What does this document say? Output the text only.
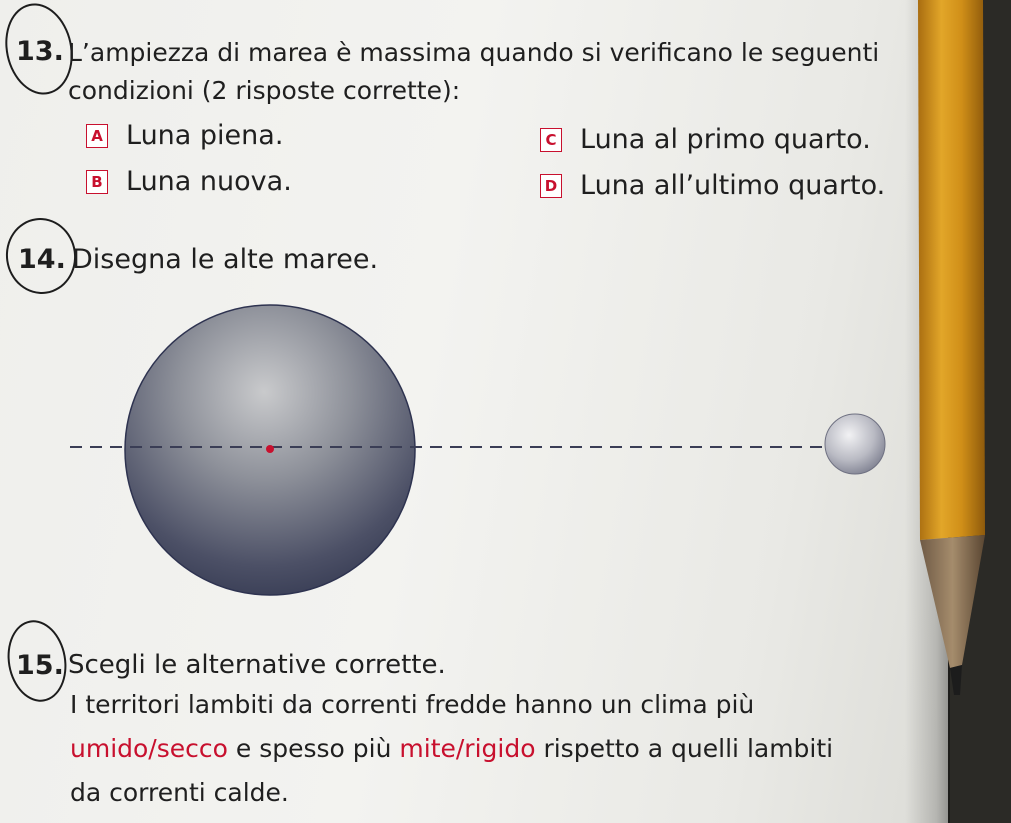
13. L’ampiezza di marea è massima quando si verificano le seguenti
condizioni (2 risposte corrette):
A Luna piena.
B Luna nuova.
C Luna al primo quarto.
D Luna all’ultimo quarto.
14. Disegna le alte maree.
15. Scegli le alternative corrette.
I territori lambiti da correnti fredde hanno un clima più
umido/secco e spesso più mite/rigido rispetto a quelli lambiti
da correnti calde.
